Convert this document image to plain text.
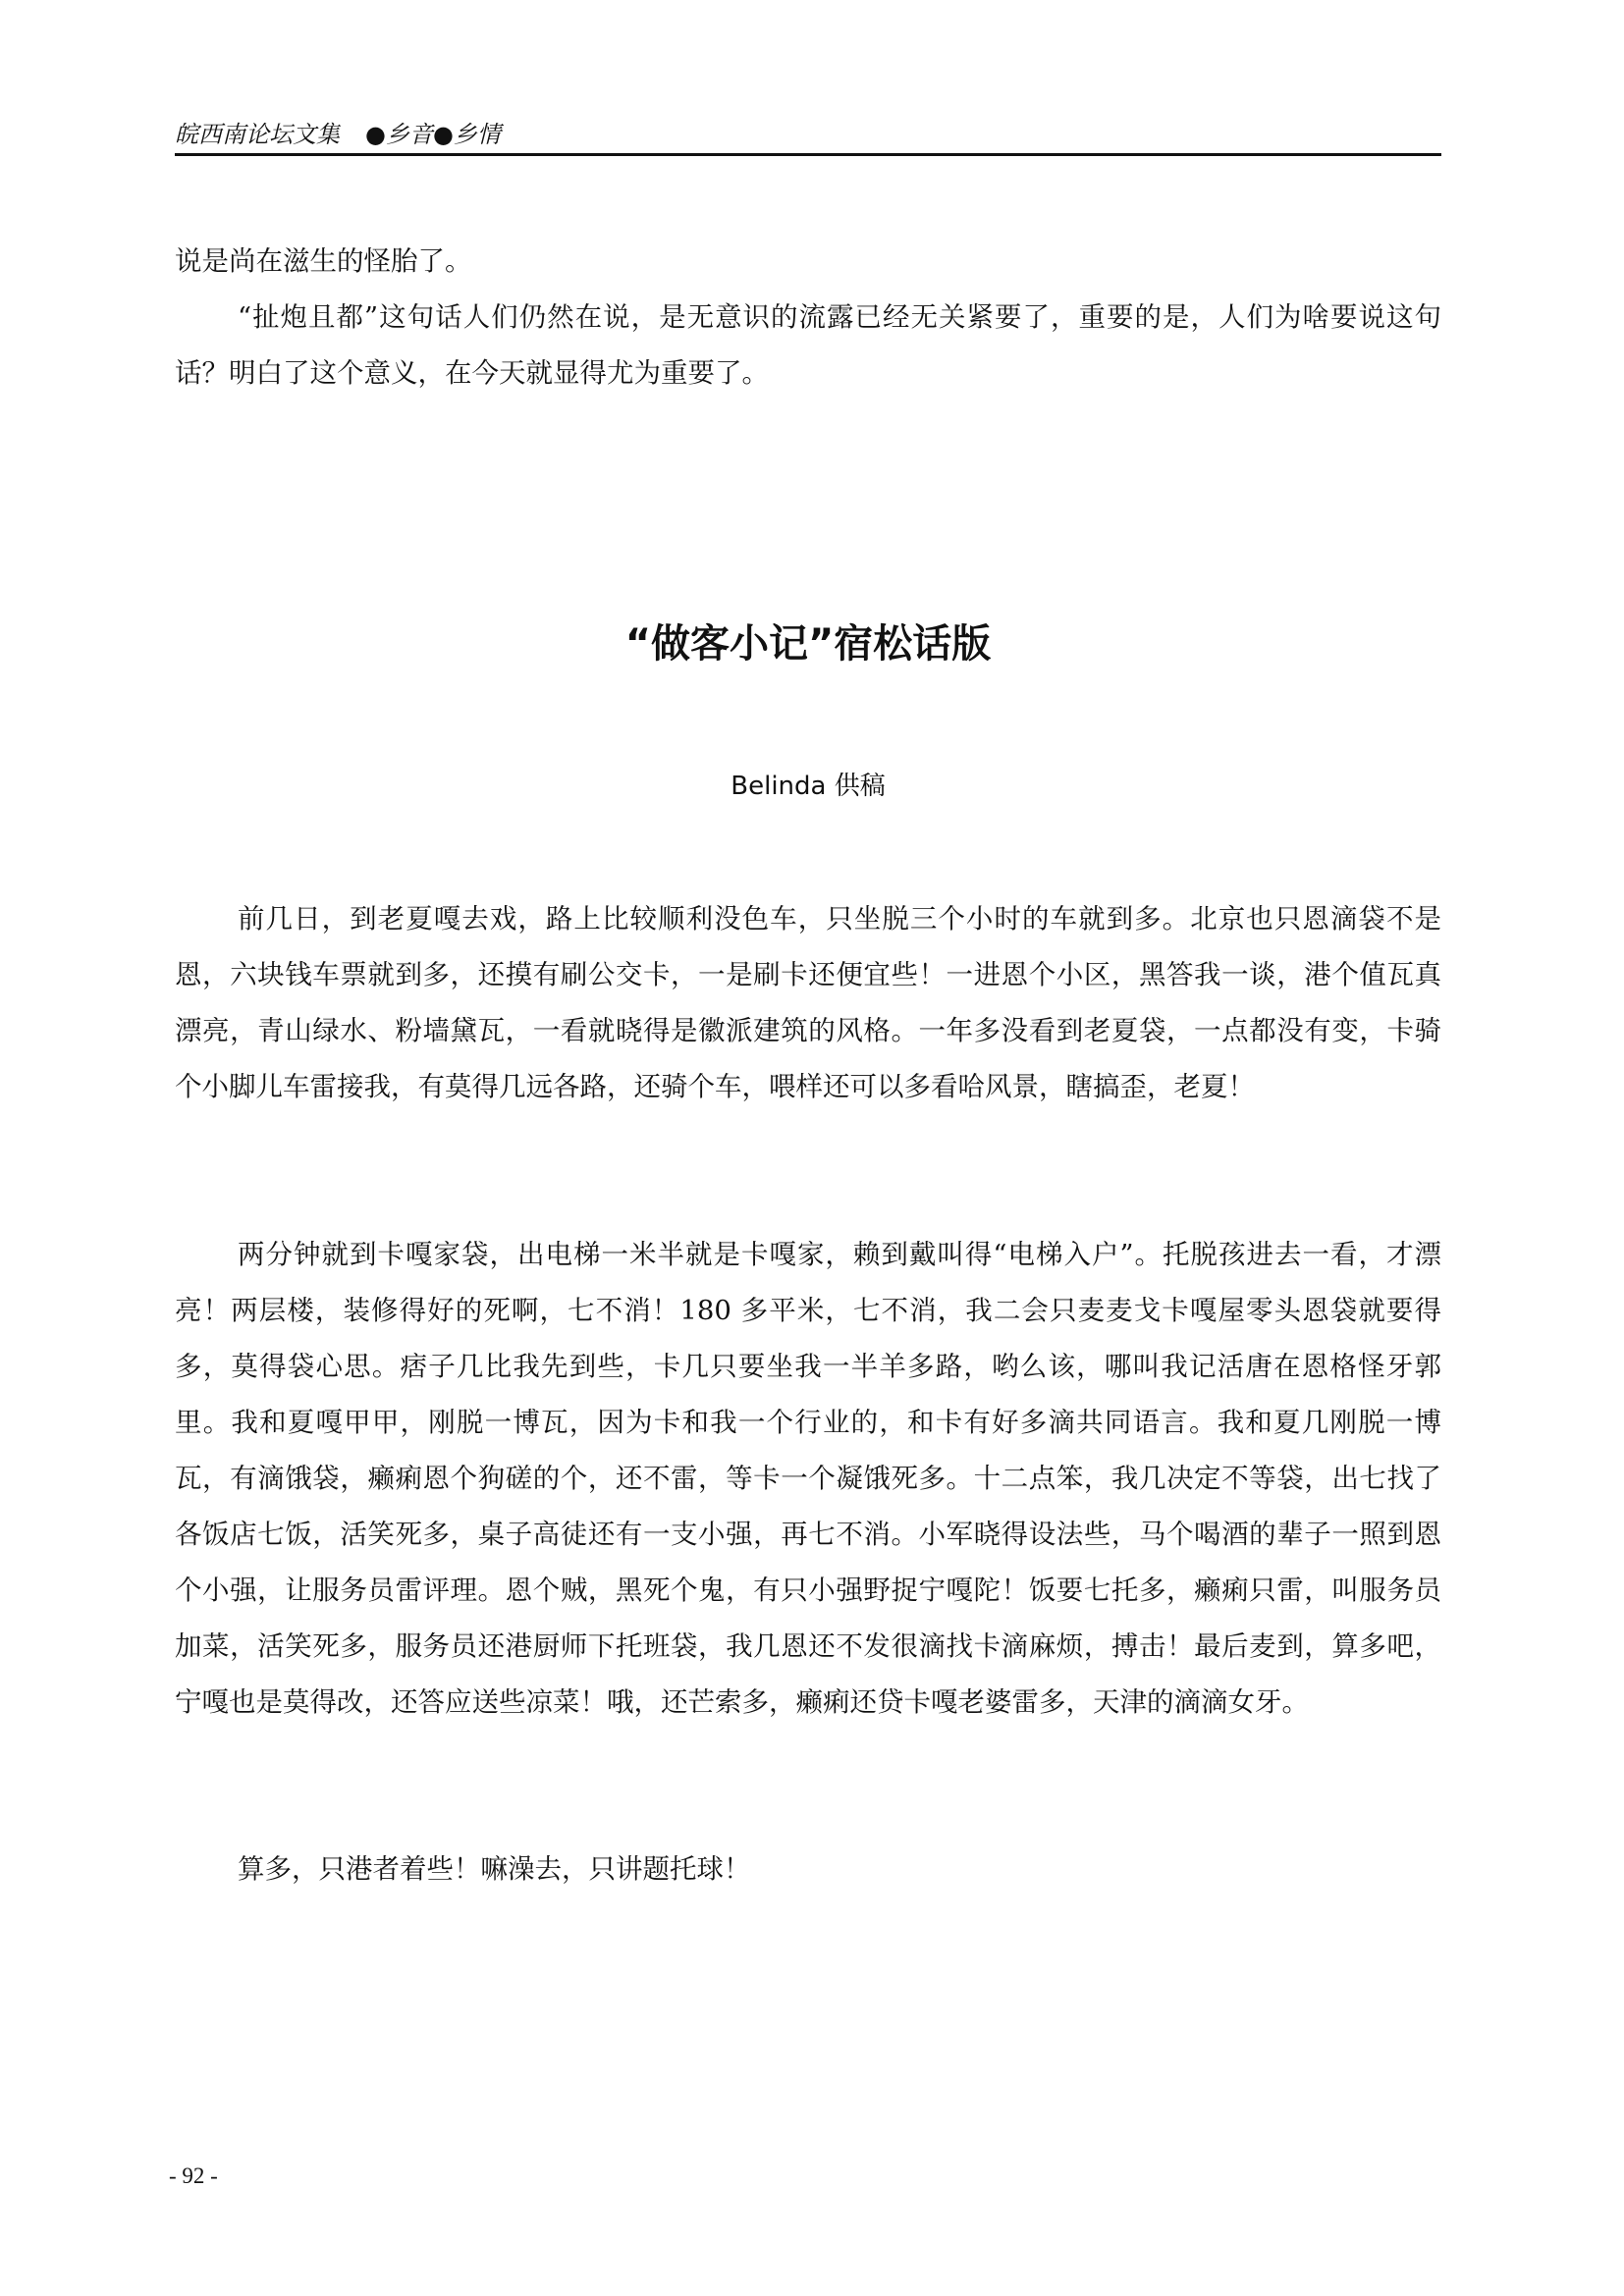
皖西南论坛文集 ●乡音●乡情

说是尚在滋生的怪胎了。

“扯炮且都”这句话人们仍然在说，是无意识的流露已经无关紧要了，重要的是，人们为啥要说这句话？明白了这个意义，在今天就显得尤为重要了。

“做客小记”宿松话版

Belinda 供稿

前几日，到老夏嘎去戏，路上比较顺利没色车，只坐脱三个小时的车就到多。北京也只恩滴袋不是恩，六块钱车票就到多，还摸有刷公交卡，一是刷卡还便宜些！一进恩个小区，黑答我一谈，港个值瓦真漂亮，青山绿水、粉墙黛瓦，一看就晓得是徽派建筑的风格。一年多没看到老夏袋，一点都没有变，卡骑个小脚儿车雷接我，有莫得几远各路，还骑个车，喂样还可以多看哈风景，瞎搞歪，老夏！

两分钟就到卡嘎家袋，出电梯一米半就是卡嘎家，赖到戴叫得“电梯入户”。托脱孩进去一看，才漂亮！两层楼，装修得好的死啊，七不消！180 多平米，七不消，我二会只麦麦戈卡嘎屋零头恩袋就要得多，莫得袋心思。痞子几比我先到些，卡几只要坐我一半羊多路，哟么该，哪叫我记活唐在恩格怪牙郭里。我和夏嘎甲甲，刚脱一博瓦，因为卡和我一个行业的，和卡有好多滴共同语言。我和夏几刚脱一博瓦，有滴饿袋，癞痢恩个狗磋的个，还不雷，等卡一个凝饿死多。十二点笨，我几决定不等袋，出七找了各饭店七饭，活笑死多，桌子高徒还有一支小强，再七不消。小军晓得设法些，马个喝酒的辈子一照到恩个小强，让服务员雷评理。恩个贼，黑死个鬼，有只小强野捉宁嘎陀！饭要七托多，癞痢只雷，叫服务员加菜，活笑死多，服务员还港厨师下托班袋，我几恩还不发很滴找卡滴麻烦，搏击！最后麦到，算多吧，宁嘎也是莫得改，还答应送些凉菜！哦，还芒索多，癞痢还贷卡嘎老婆雷多，天津的滴滴女牙。

算多，只港者着些！嘛澡去，只讲题托球！

- 92 -
